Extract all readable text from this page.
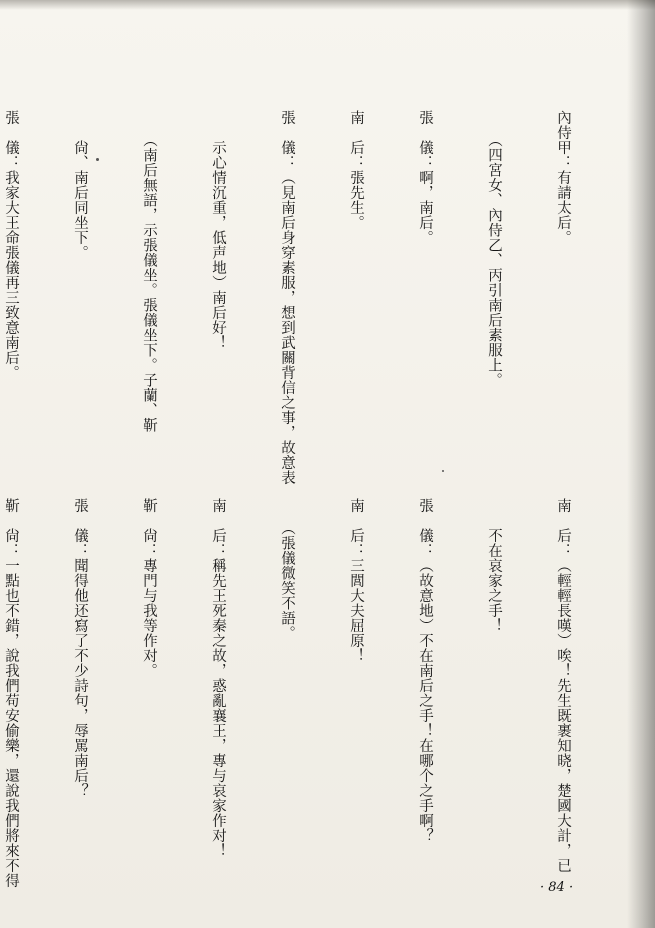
內侍甲：有請太后。

　　（四宮女、內侍乙、丙引南后素服上。

張　儀：啊，南后。

南　后：張先生。

張　儀：（見南后身穿素服，想到武關背信之事，故意表

　　示心情沉重，低声地）南后好！

　　（南后無語，示張儀坐。張儀坐下。子蘭、靳

　　尙、南后同坐下。

張　儀：我家大王命張儀再三致意南后。

南　后：（輕輕長嘆）唉！先生既裹知晓，楚國大計，已

　　不在哀家之手！

張　儀：（故意地）不在南后之手！在哪个之手啊？

南　后：三閭大夫屈原！

　　（張儀微笑不語。

南　后：稱先王死秦之故，惑亂襄王，專与哀家作对！

靳　尙：專門与我等作对。

張　儀：聞得他还寫了不少詩句，辱罵南后？

靳　尙：一點也不錯，說我們苟安偷樂，還說我們將來不得

	· 84 ·
